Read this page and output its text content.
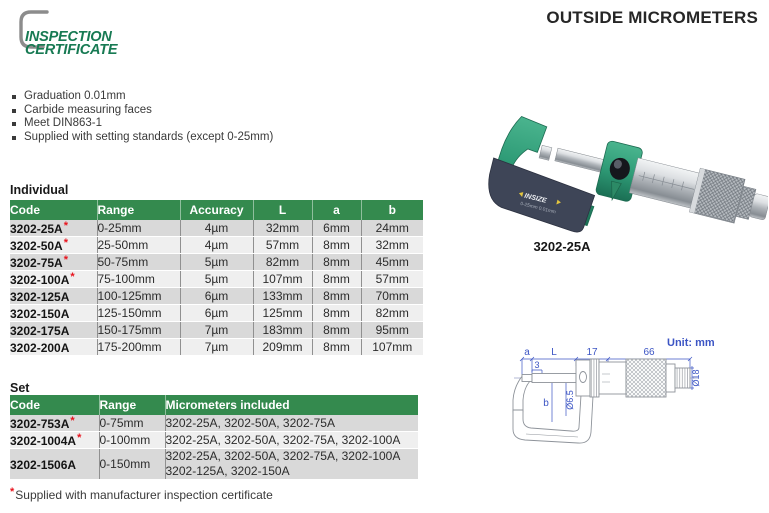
INSPECTION
CERTIFICATE
OUTSIDE MICROMETERS
Graduation 0.01mm
Carbide measuring faces
Meet DIN863-1
Supplied with setting standards (except 0-25mm)
Individual
Code	Range	Accuracy	L	a	b
3202-25A*	0-25mm	4µm	32mm	6mm	24mm
3202-50A*	25-50mm	4µm	57mm	8mm	32mm
3202-75A*	50-75mm	5µm	82mm	8mm	45mm
3202-100A*	75-100mm	5µm	107mm	8mm	57mm
3202-125A	100-125mm	6µm	133mm	8mm	70mm
3202-150A	125-150mm	6µm	125mm	8mm	82mm
3202-175A	150-175mm	7µm	183mm	8mm	95mm
3202-200A	175-200mm	7µm	209mm	8mm	107mm
Set
Code	Range	Micrometers included
3202-753A*	0-75mm	3202-25A, 3202-50A, 3202-75A

3202-1004A*	0-100mm	3202-25A, 3202-50A, 3202-75A, 3202-100A

3202-1506A	0-150mm	3202-25A, 3202-50A, 3202-75A, 3202-100A
3202-125A, 3202-150A
*Supplied with manufacturer inspection certificate
INSIZE
0-25mm 0.01mm
3202-25A
Unit: mm
a L	17	66
3
b Ø6.5
Ø18
